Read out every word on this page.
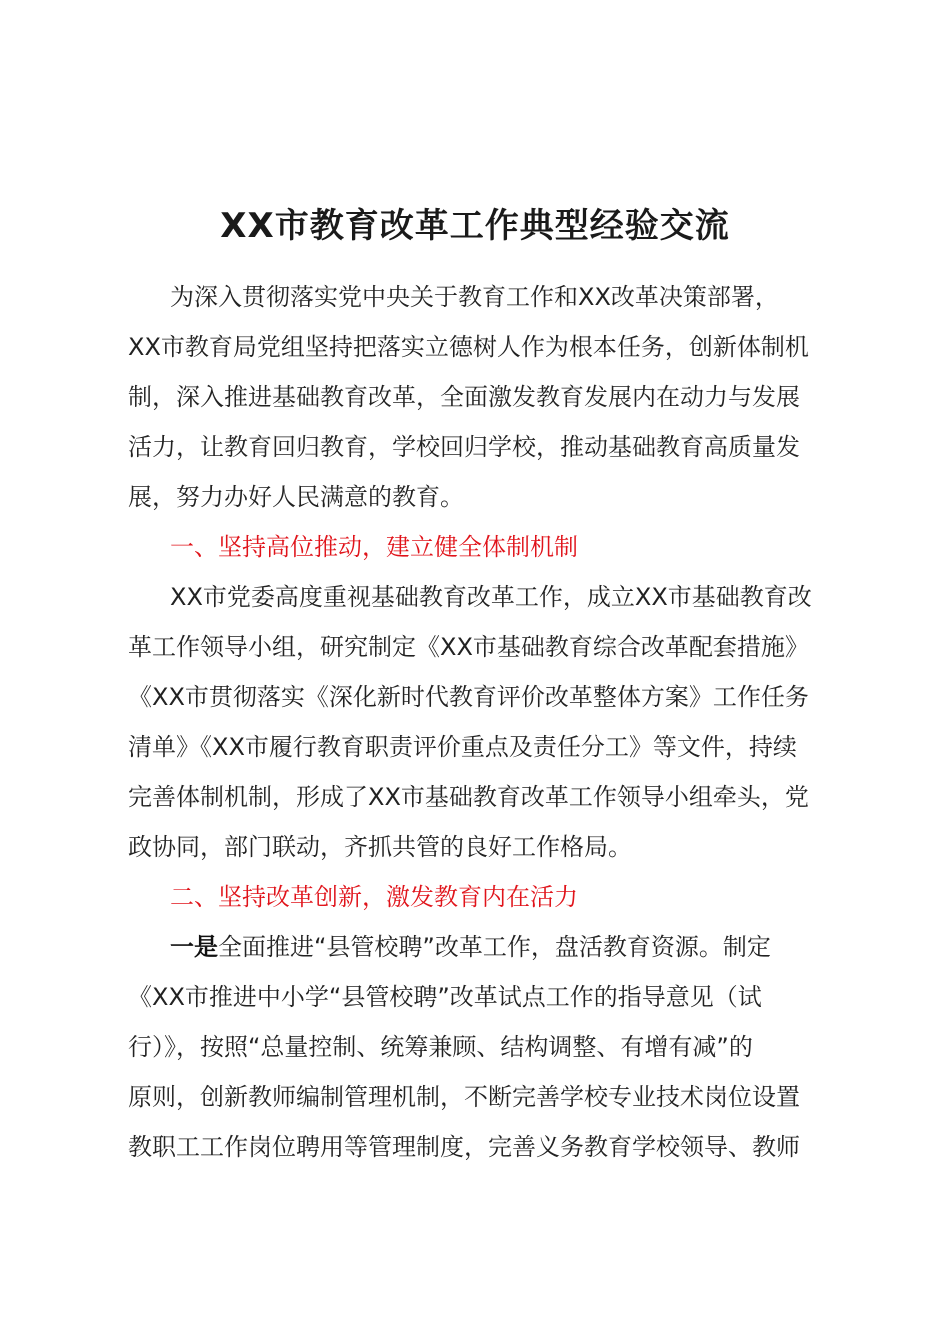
XX市教育改革工作典型经验交流
为深入贯彻落实党中央关于教育工作和XX改革决策部署，
XX市教育局党组坚持把落实立德树人作为根本任务，创新体制机
制，深入推进基础教育改革，全面激发教育发展内在动力与发展
活力，让教育回归教育，学校回归学校，推动基础教育高质量发
展，努力办好人民满意的教育。
一、坚持高位推动，建立健全体制机制
XX市党委高度重视基础教育改革工作，成立XX市基础教育改
革工作领导小组，研究制定《XX市基础教育综合改革配套措施》
《XX市贯彻落实《深化新时代教育评价改革整体方案》工作任务
清单》《XX市履行教育职责评价重点及责任分工》等文件，持续
完善体制机制，形成了XX市基础教育改革工作领导小组牵头，党
政协同，部门联动，齐抓共管的良好工作格局。
二、坚持改革创新，激发教育内在活力
一是全面推进“县管校聘”改革工作，盘活教育资源。制定
《XX市推进中小学“县管校聘”改革试点工作的指导意见（试
行）》，按照“总量控制、统筹兼顾、结构调整、有增有减”的
原则，创新教师编制管理机制，不断完善学校专业技术岗位设置
教职工工作岗位聘用等管理制度，完善义务教育学校领导、教师
